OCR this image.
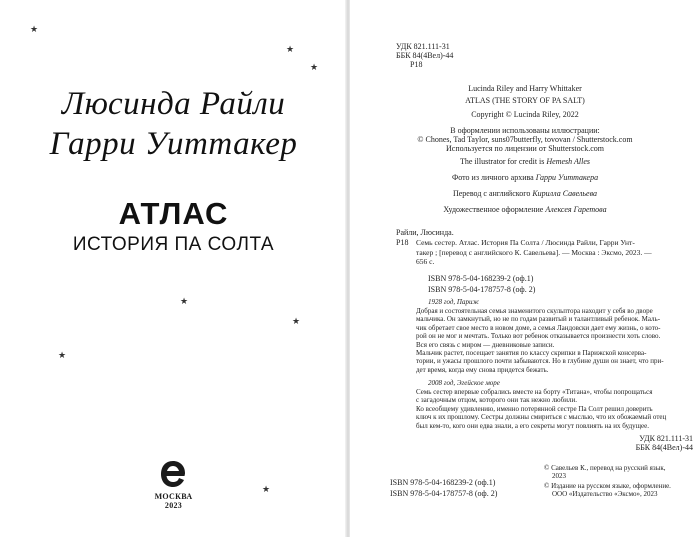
★
★
★
★
★
★
★
Люсинда Райли
Гарри Уиттакер
АТЛАС
ИСТОРИЯ ПА СОЛТА
МОСКВА
2023
УДК 821.111-31
ББК 84(4Вел)-44
Р18
Lucinda Riley and Harry Whittaker
ATLAS (THE STORY OF PA SALT)
Copyright © Lucinda Riley, 2022
В оформлении использованы иллюстрации:
© Chones, Tad Taylor, suns07butterfly, tovovan / Shutterstock.com
Используется по лицензии от Shutterstock.com
The illustrator for credit is Hemesh Alles
Фото из личного архива Гарри Уиттакера
Перевод с английского Кирилла Савельева
Художественное оформление Алексея Гаретова
Райли, Люсинда.
Р18 Семь сестер. Атлас. История Па Солта / Люсинда Райли, Гарри Унт-
такер ; [перевод с английского К. Савельева]. — Москва : Эксмо, 2023. —
656 с.
ISBN 978-5-04-168239-2 (оф.1)
ISBN 978-5-04-178757-8 (оф. 2)
1928 год, Париж
Добрая и состоятельная семья знаменитого скульптора находит у себя во дворе
мальчика. Он замкнутый, но не по годам развитый и талантливый ребенок. Маль-
чик обретает свое место в новом доме, а семья Ландовски дает ему жизнь, о кото-
рой он не мог и мечтать. Только вот ребенок отказывается произнести хоть слово.
Вся его связь с миром — дневниковые записи.
Мальчик растет, посещает занятия по классу скрипки в Парижской консерва-
тории, и ужасы прошлого почти забываются. Но в глубине души он знает, что при-
дет время, когда ему снова придется бежать.
2008 год, Эгейское море
Семь сестер впервые собрались вместе на борту «Титана», чтобы попрощаться
с загадочным отцом, которого они так нежно любили.
Ко всеобщему удивлению, именно потерянной сестре Па Солт решил доверить
ключ к их прошлому. Сестры должны смириться с мыслью, что их обожаемый отец
был кем-то, кого они едва знали, а его секреты могут повлиять на их будущее.
УДК 821.111-31
ББК 84(4Вел)-44
ISBN 978-5-04-168239-2 (оф.1)
ISBN 978-5-04-178757-8 (оф. 2)
© Савельев К., перевод на русский язык,
2023
© Издание на русском языке, оформление.
ООО «Издательство «Эксмо», 2023
